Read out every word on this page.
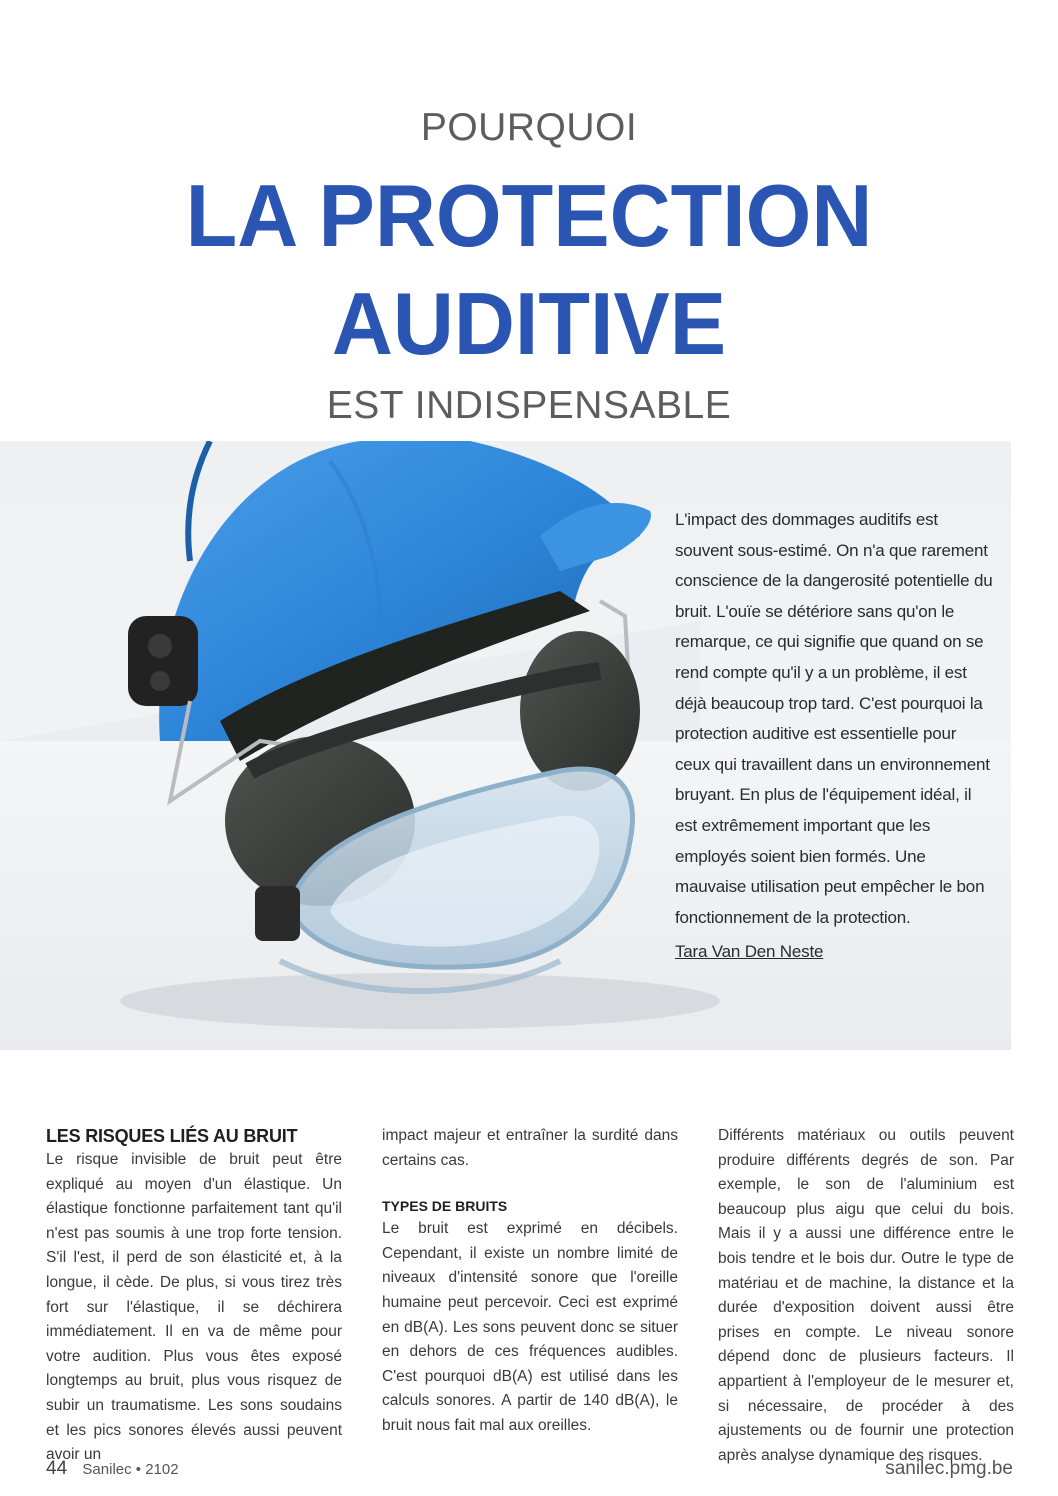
POURQUOI
LA PROTECTION
AUDITIVE
EST INDISPENSABLE
L'impact des dommages auditifs est souvent sous-estimé. On n'a que rarement conscience de la dangerosité potentielle du bruit. L'ouïe se détériore sans qu'on le remarque, ce qui signifie que quand on se rend compte qu'il y a un problème, il est déjà beaucoup trop tard. C'est pourquoi la protection auditive est essentielle pour ceux qui travaillent dans un environnement bruyant. En plus de l'équipement idéal, il est extrêmement important que les employés soient bien formés. Une mauvaise utilisation peut empêcher le bon fonctionnement de la protection.
Tara Van Den Neste
LES RISQUES LIÉS AU BRUIT

Le risque invisible de bruit peut être expliqué au moyen d'un élastique. Un élastique fonctionne parfaitement tant qu'il n'est pas soumis à une trop forte tension. S'il l'est, il perd de son élasticité et, à la longue, il cède. De plus, si vous tirez très fort sur l'élastique, il se déchirera immédiatement. Il en va de même pour votre audition. Plus vous êtes exposé longtemps au bruit, plus vous risquez de subir un traumatisme. Les sons soudains et les pics sonores élevés aussi peuvent avoir un

impact majeur et entraîner la surdité dans certains cas.

TYPES DE BRUITS

Le bruit est exprimé en décibels. Cependant, il existe un nombre limité de niveaux d'intensité sonore que l'oreille humaine peut percevoir. Ceci est exprimé en dB(A). Les sons peuvent donc se situer en dehors de ces fréquences audibles. C'est pourquoi dB(A) est utilisé dans les calculs sonores. A partir de 140 dB(A), le bruit nous fait mal aux oreilles.

Différents matériaux ou outils peuvent produire différents degrés de son. Par exemple, le son de l'aluminium est beaucoup plus aigu que celui du bois. Mais il y a aussi une différence entre le bois tendre et le bois dur. Outre le type de matériau et de machine, la distance et la durée d'exposition doivent aussi être prises en compte. Le niveau sonore dépend donc de plusieurs facteurs. Il appartient à l'employeur de le mesurer et, si nécessaire, de procéder à des ajustements ou de fournir une protection après analyse dynamique des risques.

44 Sanilec • 2102	sanilec.pmg.be
